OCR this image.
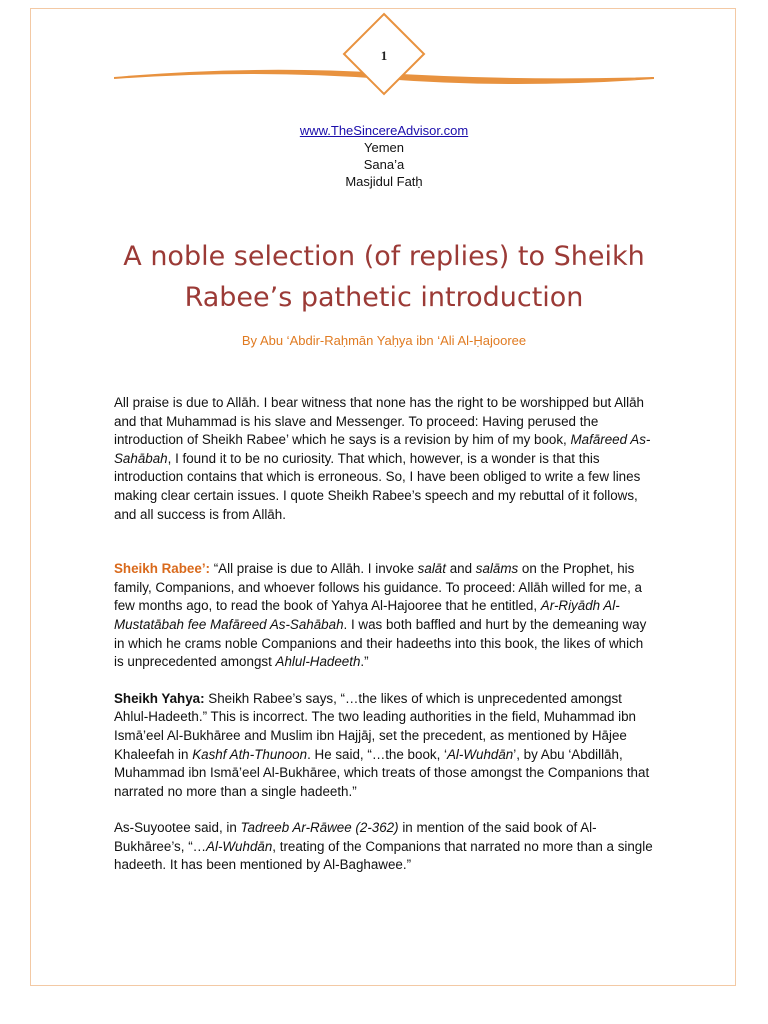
1
www.TheSincereAdvisor.com
Yemen
Sana’a
Masjidul Fatḥ
A noble selection (of replies) to Sheikh
Rabee’s pathetic introduction
By Abu ‘Abdir-Raḥmān Yaḥya ibn ‘Ali Al-Ḥajooree

All praise is due to Allāh. I bear witness that none has the right to be worshipped but Allāh and that Muhammad is his slave and Messenger. To proceed: Having perused the introduction of Sheikh Rabee’ which he says is a revision by him of my book, Mafāreed As-Sahābah, I found it to be no curiosity. That which, however, is a wonder is that this introduction contains that which is erroneous. So, I have been obliged to write a few lines making clear certain issues. I quote Sheikh Rabee’s speech and my rebuttal of it follows, and all success is from Allāh.

Sheikh Rabee’: “All praise is due to Allāh. I invoke salāt and salāms on the Prophet, his family, Companions, and whoever follows his guidance. To proceed: Allāh willed for me, a few months ago, to read the book of Yahya Al-Hajooree that he entitled, Ar-Riyādh Al-Mustatābah fee Mafāreed As-Sahābah. I was both baffled and hurt by the demeaning way in which he crams noble Companions and their hadeeths into this book, the likes of which is unprecedented amongst Ahlul-Hadeeth.”

Sheikh Yahya: Sheikh Rabee’s says, “…the likes of which is unprecedented amongst Ahlul-Hadeeth.” This is incorrect. The two leading authorities in the field, Muhammad ibn Ismā’eel Al-Bukhāree and Muslim ibn Hajjāj, set the precedent, as mentioned by Hājee Khaleefah in Kashf Ath-Thunoon. He said, “…the book, ‘Al-Wuhdān’, by Abu ‘Abdillāh, Muhammad ibn Ismā’eel Al-Bukhāree, which treats of those amongst the Companions that narrated no more than a single hadeeth.”

As-Suyootee said, in Tadreeb Ar-Rāwee (2-362) in mention of the said book of Al-Bukhāree’s, “…Al-Wuhdān, treating of the Companions that narrated no more than a single hadeeth. It has been mentioned by Al-Baghawee.”
